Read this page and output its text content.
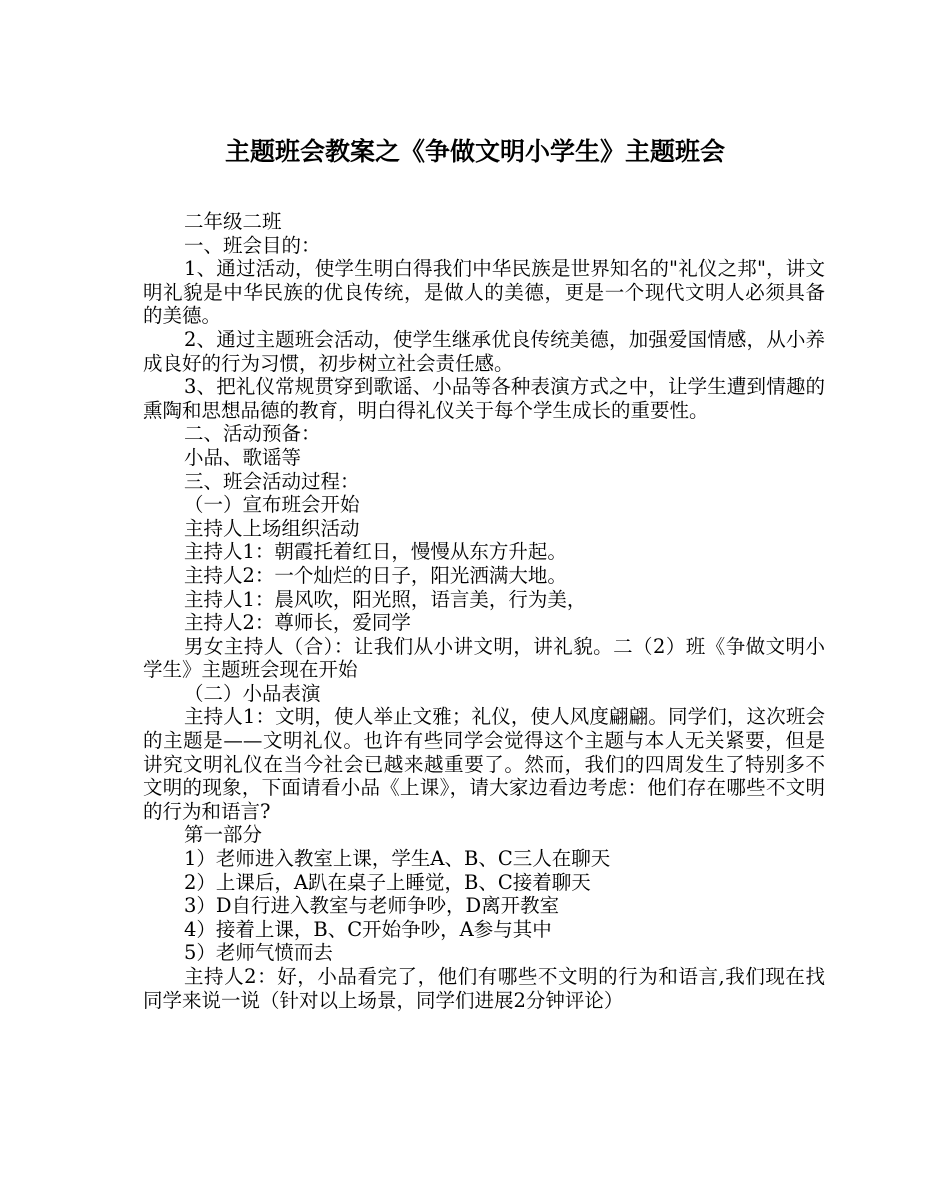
主题班会教案之《争做文明小学生》主题班会

二年级二班

一、班会目的：

1、通过活动，使学生明白得我们中华民族是世界知名的"礼仪之邦"，讲文明礼貌是中华民族的优良传统，是做人的美德，更是一个现代文明人必须具备的美德。

2、通过主题班会活动，使学生继承优良传统美德，加强爱国情感，从小养成良好的行为习惯，初步树立社会责任感。

3、把礼仪常规贯穿到歌谣、小品等各种表演方式之中，让学生遭到情趣的熏陶和思想品德的教育，明白得礼仪关于每个学生成长的重要性。

二、活动预备：

小品、歌谣等

三、班会活动过程：

（一）宣布班会开始

主持人上场组织活动

主持人1：朝霞托着红日，慢慢从东方升起。

主持人2：一个灿烂的日子，阳光洒满大地。

主持人1：晨风吹，阳光照，语言美，行为美，

主持人2：尊师长，爱同学

男女主持人（合）：让我们从小讲文明，讲礼貌。二（2）班《争做文明小学生》主题班会现在开始

（二）小品表演

主持人1：文明，使人举止文雅；礼仪，使人风度翩翩。同学们，这次班会的主题是——文明礼仪。也许有些同学会觉得这个主题与本人无关紧要，但是讲究文明礼仪在当今社会已越来越重要了。然而，我们的四周发生了特别多不文明的现象，下面请看小品《上课》，请大家边看边考虑：他们存在哪些不文明的行为和语言?

第一部分

1）老师进入教室上课，学生A、B、C三人在聊天

2）上课后，A趴在桌子上睡觉，B、C接着聊天

3）D自行进入教室与老师争吵，D离开教室

4）接着上课，B、C开始争吵，A参与其中

5）老师气愤而去

主持人2：好，小品看完了，他们有哪些不文明的行为和语言,我们现在找同学来说一说（针对以上场景，同学们进展2分钟评论）
